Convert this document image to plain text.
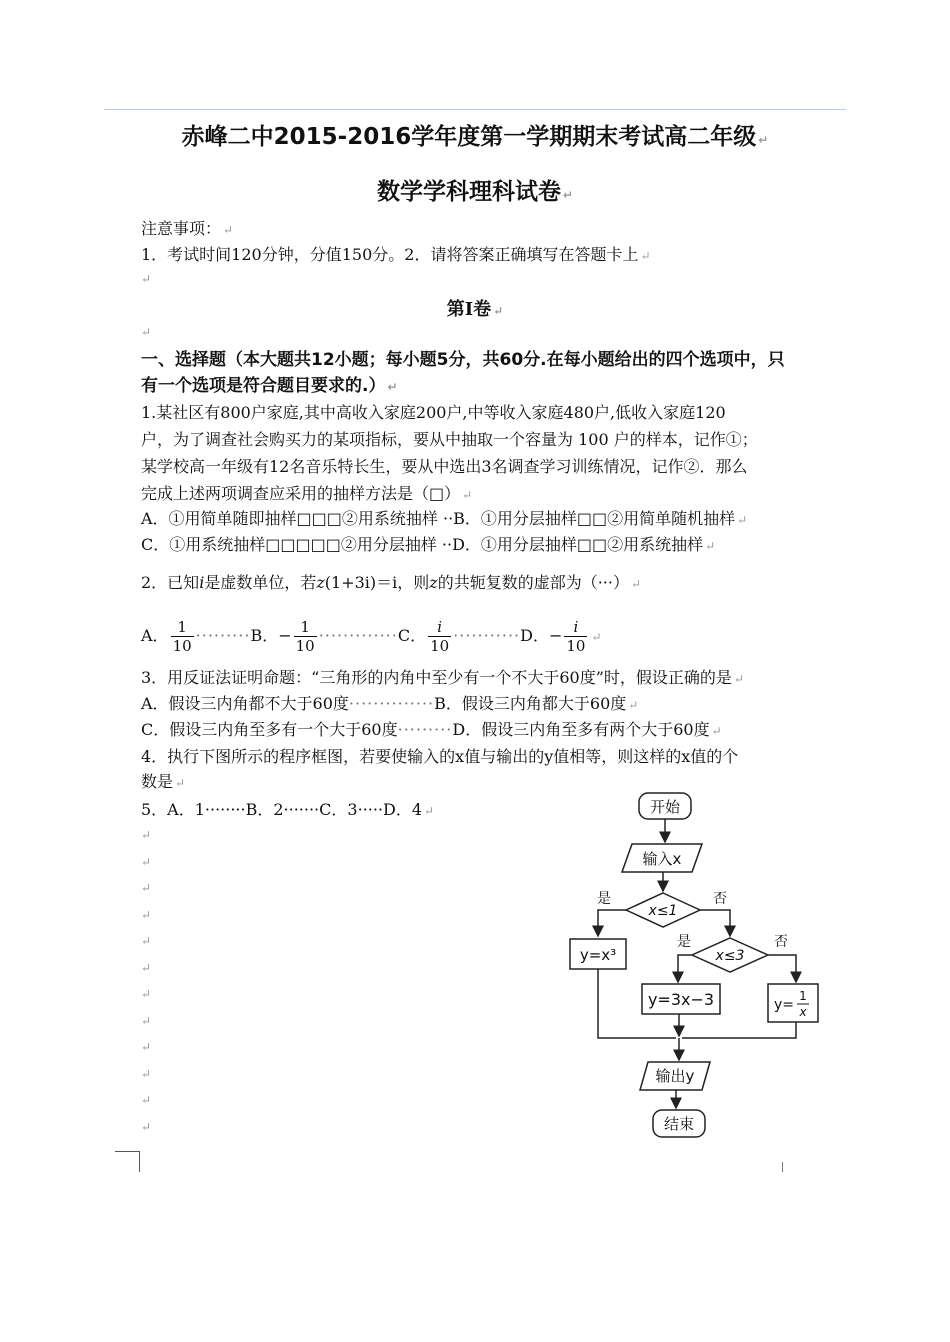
赤峰二中2015-2016学年度第一学期期末考试高二年级 ↵
数学学科理科试卷 ↵
注意事项： ↵
1．考试时间120分钟，分值150分。2．请将答案正确填写在答题卡上 ↵
↵
第Ⅰ卷 ↵
↵
一、选择题（本大题共12小题；每小题5分，共60分.在每小题给出的四个选项中，只
有一个选项是符合题目要求的.） ↵
1.某社区有800户家庭,其中高收入家庭200户,中等收入家庭480户,低收入家庭120
户，为了调查社会购买力的某项指标，要从中抽取一个容量为 100 户的样本，记作①；
某学校高一年级有12名音乐特长生，要从中选出3名调查学习训练情况，记作②．那么
完成上述两项调查应采用的抽样方法是（□） ↵
A．①用简单随即抽样□□□②用系统抽样 ··B．①用分层抽样□□②用简单随机抽样 ↵
C．①用系统抽样□□□□□②用分层抽样 ··D．①用分层抽样□□②用系统抽样 ↵
2．已知i是虚数单位，若z(1+3i)＝i，则z的共轭复数的虚部为（···） ↵
A． $\frac{1}{10} \cdot\cdot\cdot\cdot\cdot\cdot\cdot\cdot\cdot B$．− $\frac{1}{10} \cdot\cdot\cdot\cdot\cdot\cdot\cdot\cdot\cdot\cdot\cdot\cdot\cdot C$． $\frac{i}{10} \cdot\cdot\cdot\cdot\cdot\cdot\cdot\cdot\cdot\cdot\cdot D$．− $\frac{i}{10}$ ↵
3．用反证法证明命题：“三角形的内角中至少有一个不大于60度”时，假设正确的是 ↵
A．假设三内角都不大于60度··············B．假设三内角都大于60度 ↵
C．假设三内角至多有一个大于60度·········D．假设三内角至多有两个大于60度 ↵
4．执行下图所示的程序框图，若要使输入的x值与输出的y值相等，则这样的x值的个
数是 ↵
5．A．1········B．2·······C．3·····D．4 ↵
↵
↵
↵
↵
↵
↵
↵
↵
↵
↵
↵
↵
开始
输入x
x≤1
是	否
x≤3
是	否
y=x³
y=3x−3	y=
1
x
输出y
结束
